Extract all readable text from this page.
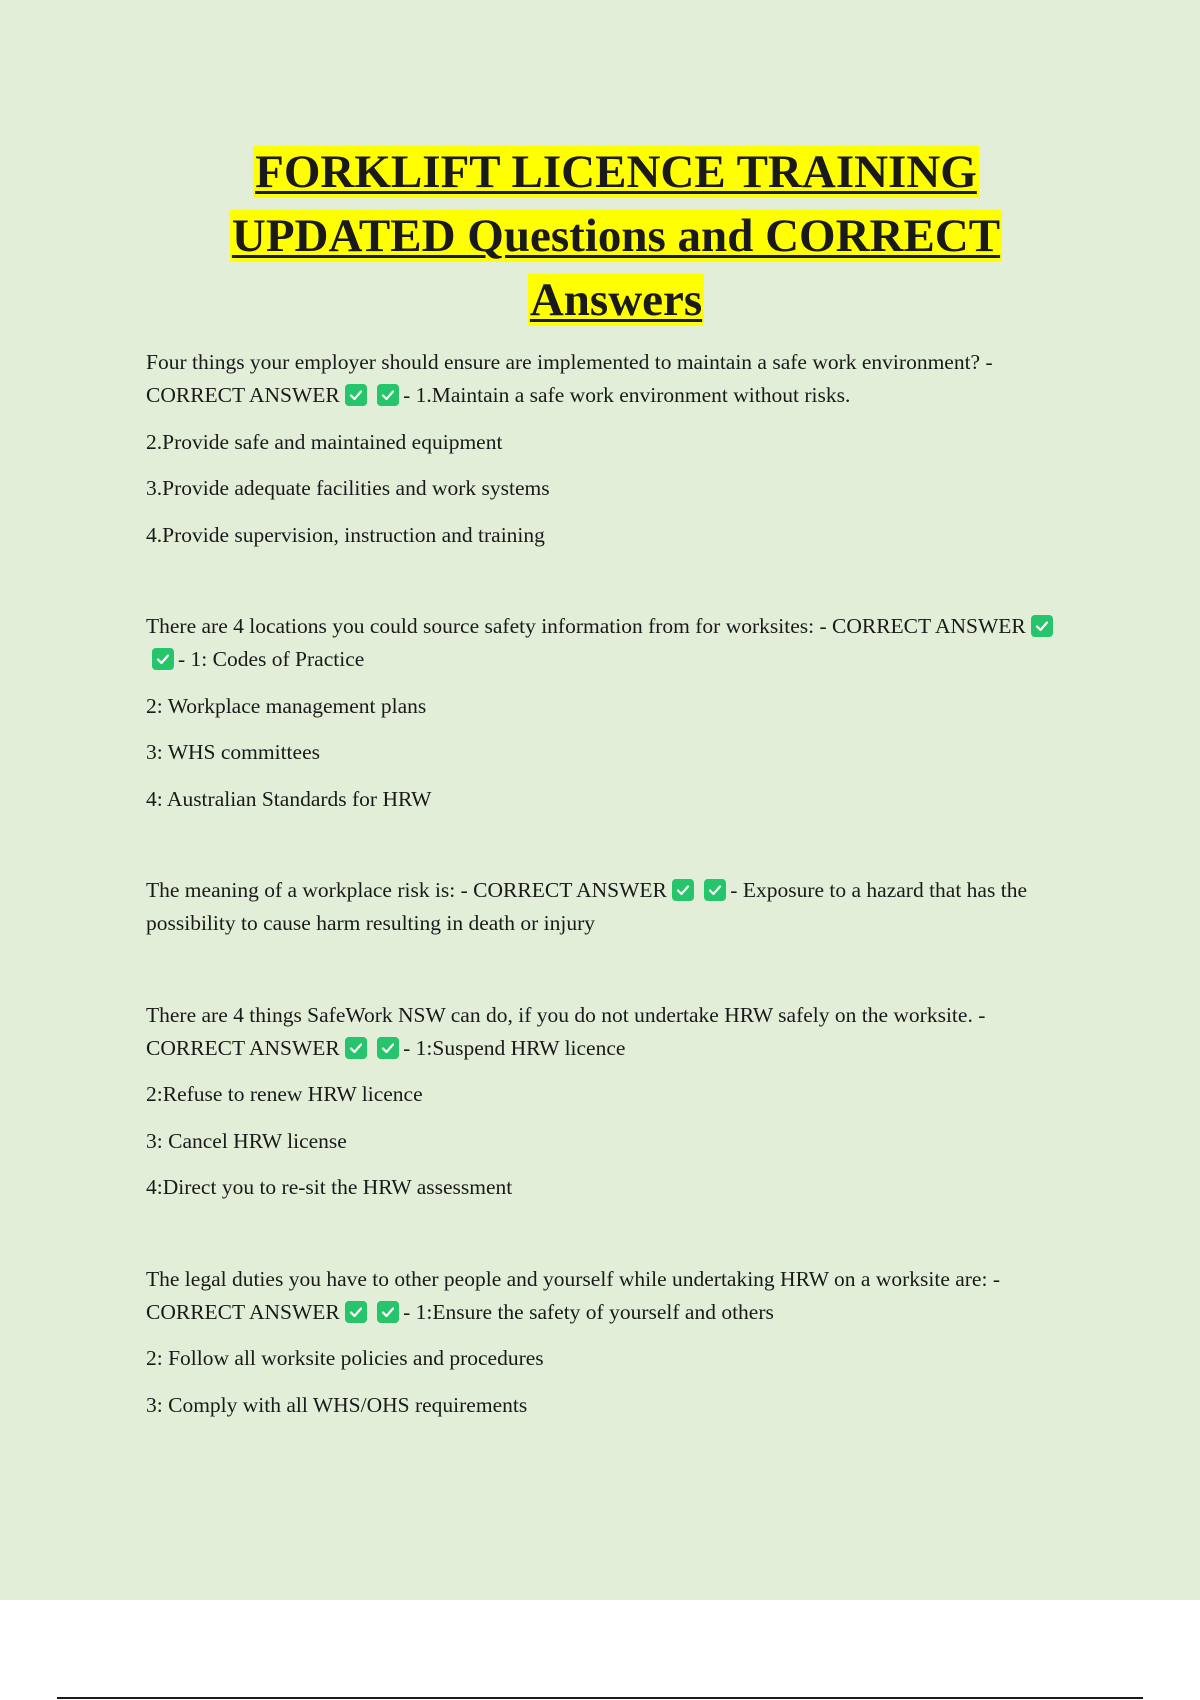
FORKLIFT LICENCE TRAINING
UPDATED Questions and CORRECT
Answers

Four things your employer should ensure are implemented to maintain a safe work environment? - CORRECT ANSWER	- 1.Maintain a safe work environment without risks.

2.Provide safe and maintained equipment

3.Provide adequate facilities and work systems

4.Provide supervision, instruction and training

There are 4 locations you could source safety information from for worksites: - CORRECT ANSWER
- 1: Codes of Practice

2: Workplace management plans

3: WHS committees

4: Australian Standards for HRW

The meaning of a workplace risk is: - CORRECT ANSWER	- Exposure to a hazard that has the possibility to cause harm resulting in death or injury

There are 4 things SafeWork NSW can do, if you do not undertake HRW safely on the worksite. - CORRECT ANSWER	- 1:Suspend HRW licence

2:Refuse to renew HRW licence

3: Cancel HRW license

4:Direct you to re-sit the HRW assessment

The legal duties you have to other people and yourself while undertaking HRW on a worksite are: - CORRECT ANSWER	- 1:Ensure the safety of yourself and others

2: Follow all worksite policies and procedures

3: Comply with all WHS/OHS requirements
